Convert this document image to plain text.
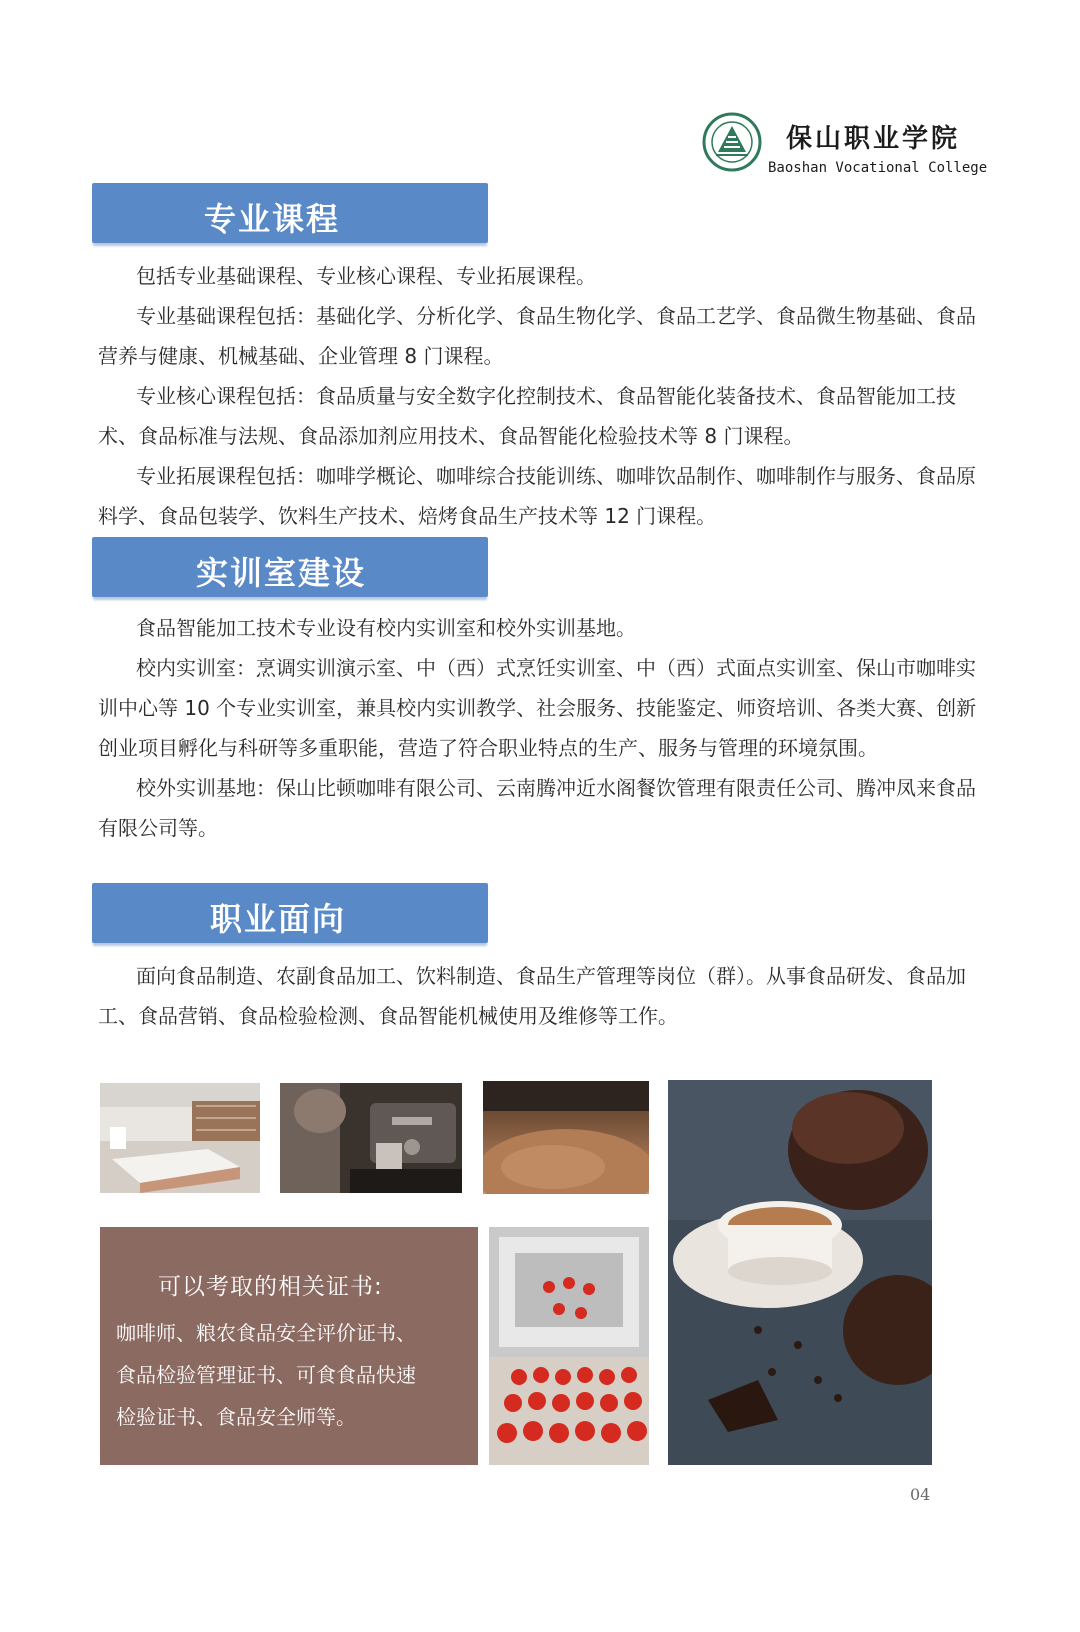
保山职业学院
Baoshan Vocational College
专业课程

包括专业基础课程、专业核心课程、专业拓展课程。

专业基础课程包括：基础化学、分析化学、食品生物化学、食品工艺学、食品微生物基础、食品营养与健康、机械基础、企业管理 8 门课程。

专业核心课程包括：食品质量与安全数字化控制技术、食品智能化装备技术、食品智能加工技术、食品标准与法规、食品添加剂应用技术、食品智能化检验技术等 8 门课程。

专业拓展课程包括：咖啡学概论、咖啡综合技能训练、咖啡饮品制作、咖啡制作与服务、食品原料学、食品包装学、饮料生产技术、焙烤食品生产技术等 12 门课程。

实训室建设

食品智能加工技术专业设有校内实训室和校外实训基地。

校内实训室：烹调实训演示室、中（西）式烹饪实训室、中（西）式面点实训室、保山市咖啡实训中心等 10 个专业实训室，兼具校内实训教学、社会服务、技能鉴定、师资培训、各类大赛、创新创业项目孵化与科研等多重职能，营造了符合职业特点的生产、服务与管理的环境氛围。

校外实训基地：保山比顿咖啡有限公司、云南腾冲近水阁餐饮管理有限责任公司、腾冲凤来食品有限公司等。

职业面向

面向食品制造、农副食品加工、饮料制造、食品生产管理等岗位（群）。从事食品研发、食品加工、食品营销、食品检验检测、食品智能机械使用及维修等工作。

可以考取的相关证书:
咖啡师、粮农食品安全评价证书、
食品检验管理证书、可食食品快速
检验证书、食品安全师等。
04
